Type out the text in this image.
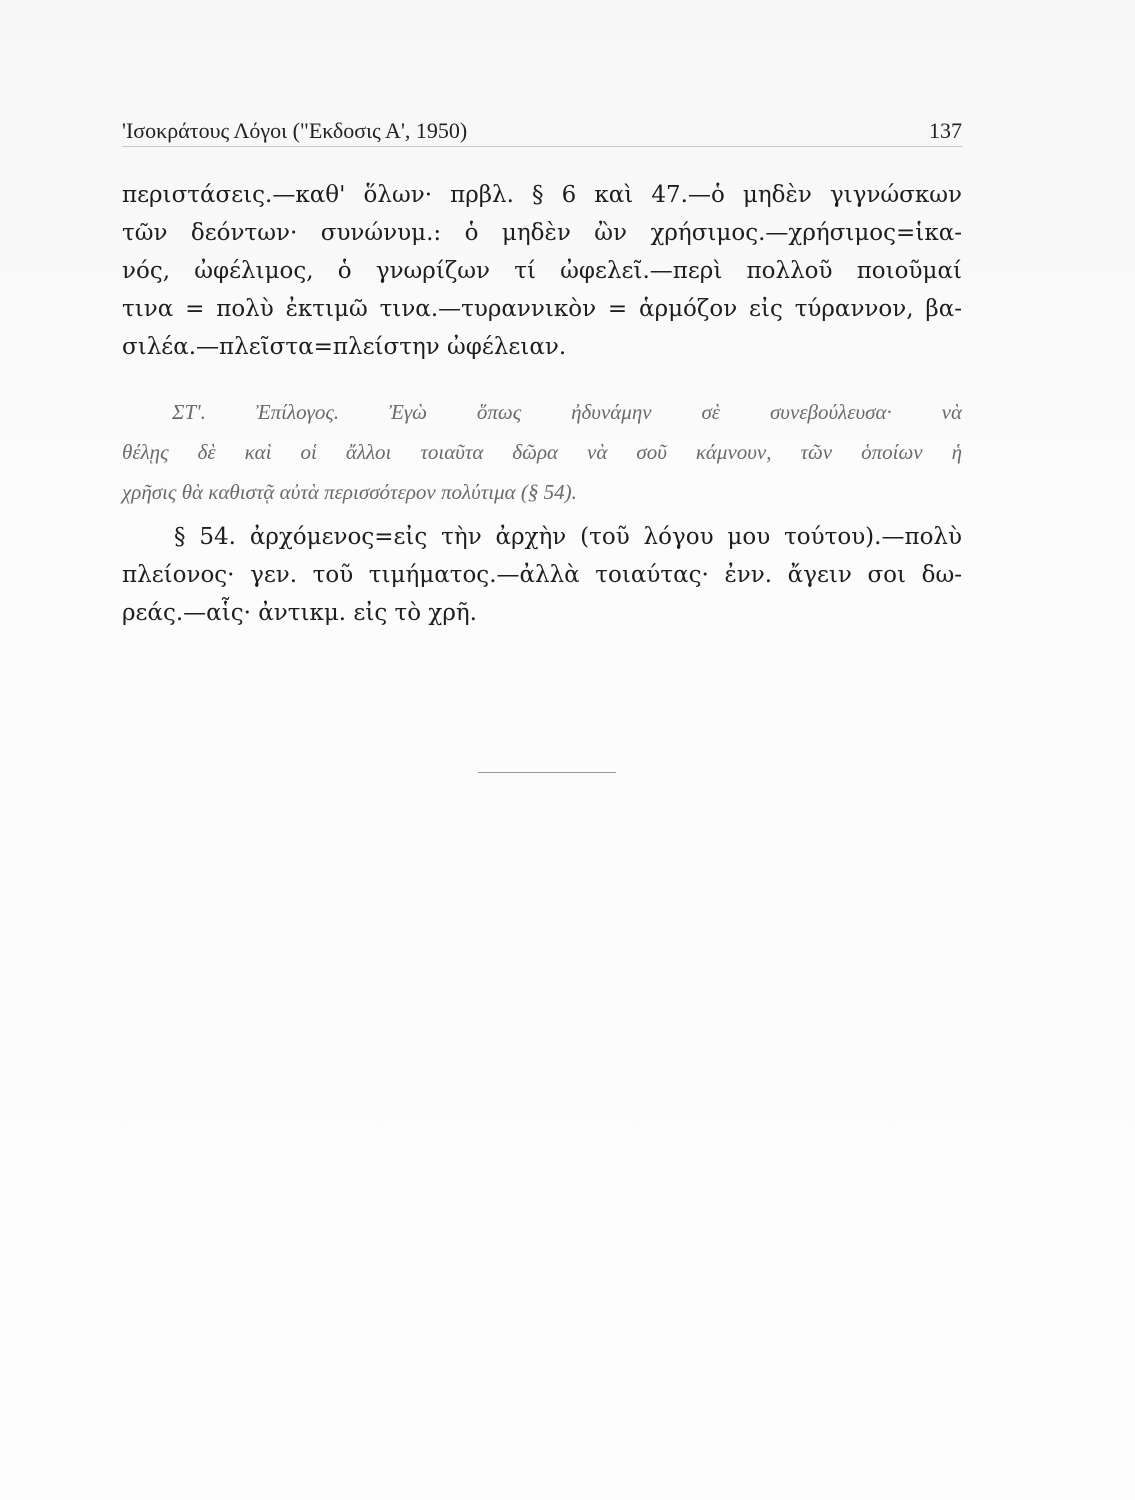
'Ισοκράτους Λόγοι ("Εκδοσις Α', 1950)	137
περιστάσεις.—καθ' ὅλων· πρβλ. § 6 καὶ 47.—ὁ μηδὲν γιγνώσκων
τῶν δεόντων· συνώνυμ.: ὁ μηδὲν ὢν χρήσιμος.—χρήσιμος=ἱκα-
νός, ὠφέλιμος, ὁ γνωρίζων τί ὠφελεῖ.—περὶ πολλοῦ ποιοῦμαί
τινα = πολὺ ἐκτιμῶ τινα.—τυραννικὸν = ἁρμόζον εἰς τύραννον, βα-
σιλέα.—πλεῖστα=πλείστην ὠφέλειαν.
ΣΤ'. Ἐπίλογος. Ἐγὼ ὅπως ἠδυνάμην σὲ συνεβούλευσα· νὰ
θέλῃς δὲ καὶ οἱ ἄλλοι τοιαῦτα δῶρα νὰ σοῦ κάμνουν, τῶν ὁποίων ἡ
χρῆσις θὰ καθιστᾷ αὐτὰ περισσότερον πολύτιμα (§ 54).
§ 54. ἀρχόμενος=εἰς τὴν ἀρχὴν (τοῦ λόγου μου τούτου).—πολὺ
πλείονος· γεν. τοῦ τιμήματος.—ἀλλὰ τοιαύτας· ἐνν. ἄγειν σοι δω-
ρεάς.—αἷς· ἀντικμ. εἰς τὸ χρῆ.
